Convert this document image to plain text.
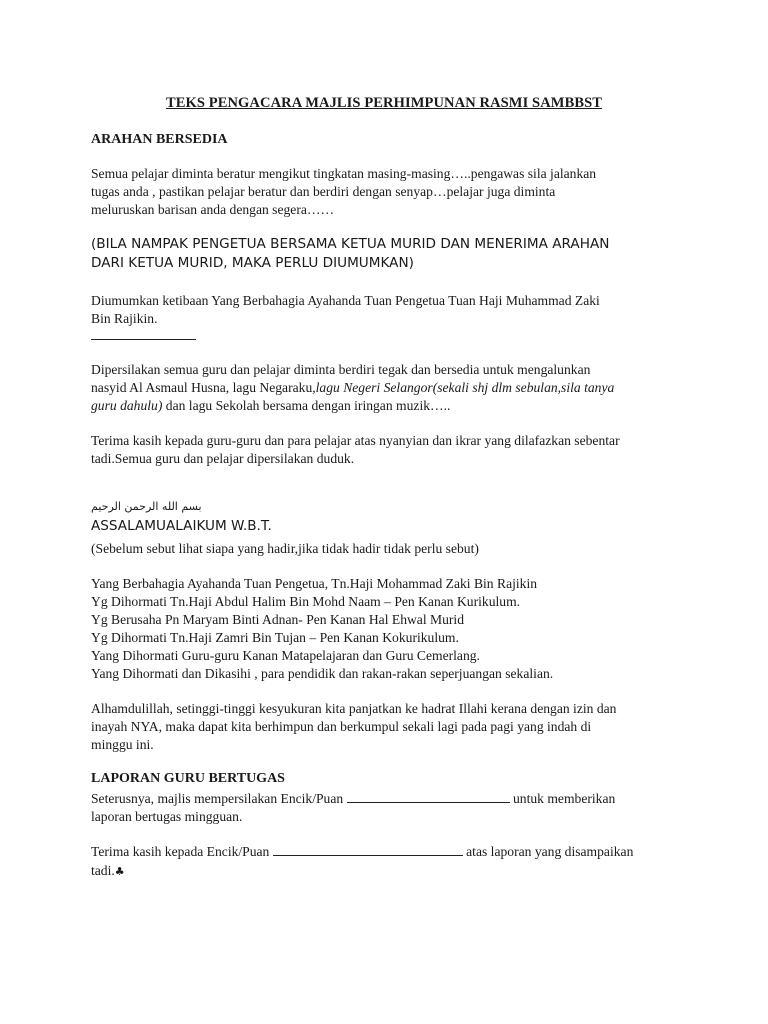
TEKS PENGACARA MAJLIS PERHIMPUNAN RASMI SAMBBST
ARAHAN BERSEDIA
Semua pelajar diminta beratur mengikut tingkatan masing-masing…..pengawas sila jalankan
tugas anda , pastikan pelajar beratur dan berdiri dengan senyap…pelajar juga diminta
meluruskan barisan anda dengan segera……
(BILA NAMPAK PENGETUA BERSAMA KETUA MURID DAN MENERIMA ARAHAN
DARI KETUA MURID, MAKA PERLU DIUMUMKAN)
Diumumkan ketibaan Yang Berbahagia Ayahanda Tuan Pengetua Tuan Haji Muhammad Zaki
Bin Rajikin.
Dipersilakan semua guru dan pelajar diminta berdiri tegak dan bersedia untuk mengalunkan
nasyid Al Asmaul Husna, lagu Negaraku,lagu Negeri Selangor(sekali shj dlm sebulan,sila tanya
guru dahulu) dan lagu Sekolah bersama dengan iringan muzik…..
Terima kasih kepada guru-guru dan para pelajar atas nyanyian dan ikrar yang dilafazkan sebentar
tadi.Semua guru dan pelajar dipersilakan duduk.
بسم الله الرحمن الرحيم
ASSALAMUALAIKUM W.B.T.
(Sebelum sebut lihat siapa yang hadir,jika tidak hadir tidak perlu sebut)
Yang Berbahagia Ayahanda Tuan Pengetua, Tn.Haji Mohammad Zaki Bin Rajikin
Yg Dihormati Tn.Haji Abdul Halim Bin Mohd Naam – Pen Kanan Kurikulum.
Yg Berusaha Pn Maryam Binti Adnan- Pen Kanan Hal Ehwal Murid
Yg Dihormati Tn.Haji Zamri Bin Tujan – Pen Kanan Kokurikulum.
Yang Dihormati Guru-guru Kanan Matapelajaran dan Guru Cemerlang.
Yang Dihormati dan Dikasihi , para pendidik dan rakan-rakan seperjuangan sekalian.
Alhamdulillah, setinggi-tinggi kesyukuran kita panjatkan ke hadrat Illahi kerana dengan izin dan
inayah NYA, maka dapat kita berhimpun dan berkumpul sekali lagi pada pagi yang indah di
minggu ini.
LAPORAN GURU BERTUGAS
Seterusnya, majlis mempersilakan Encik/Puan	untuk memberikan
laporan bertugas mingguan.
Terima kasih kepada Encik/Puan	atas laporan yang disampaikan
tadi.♣
